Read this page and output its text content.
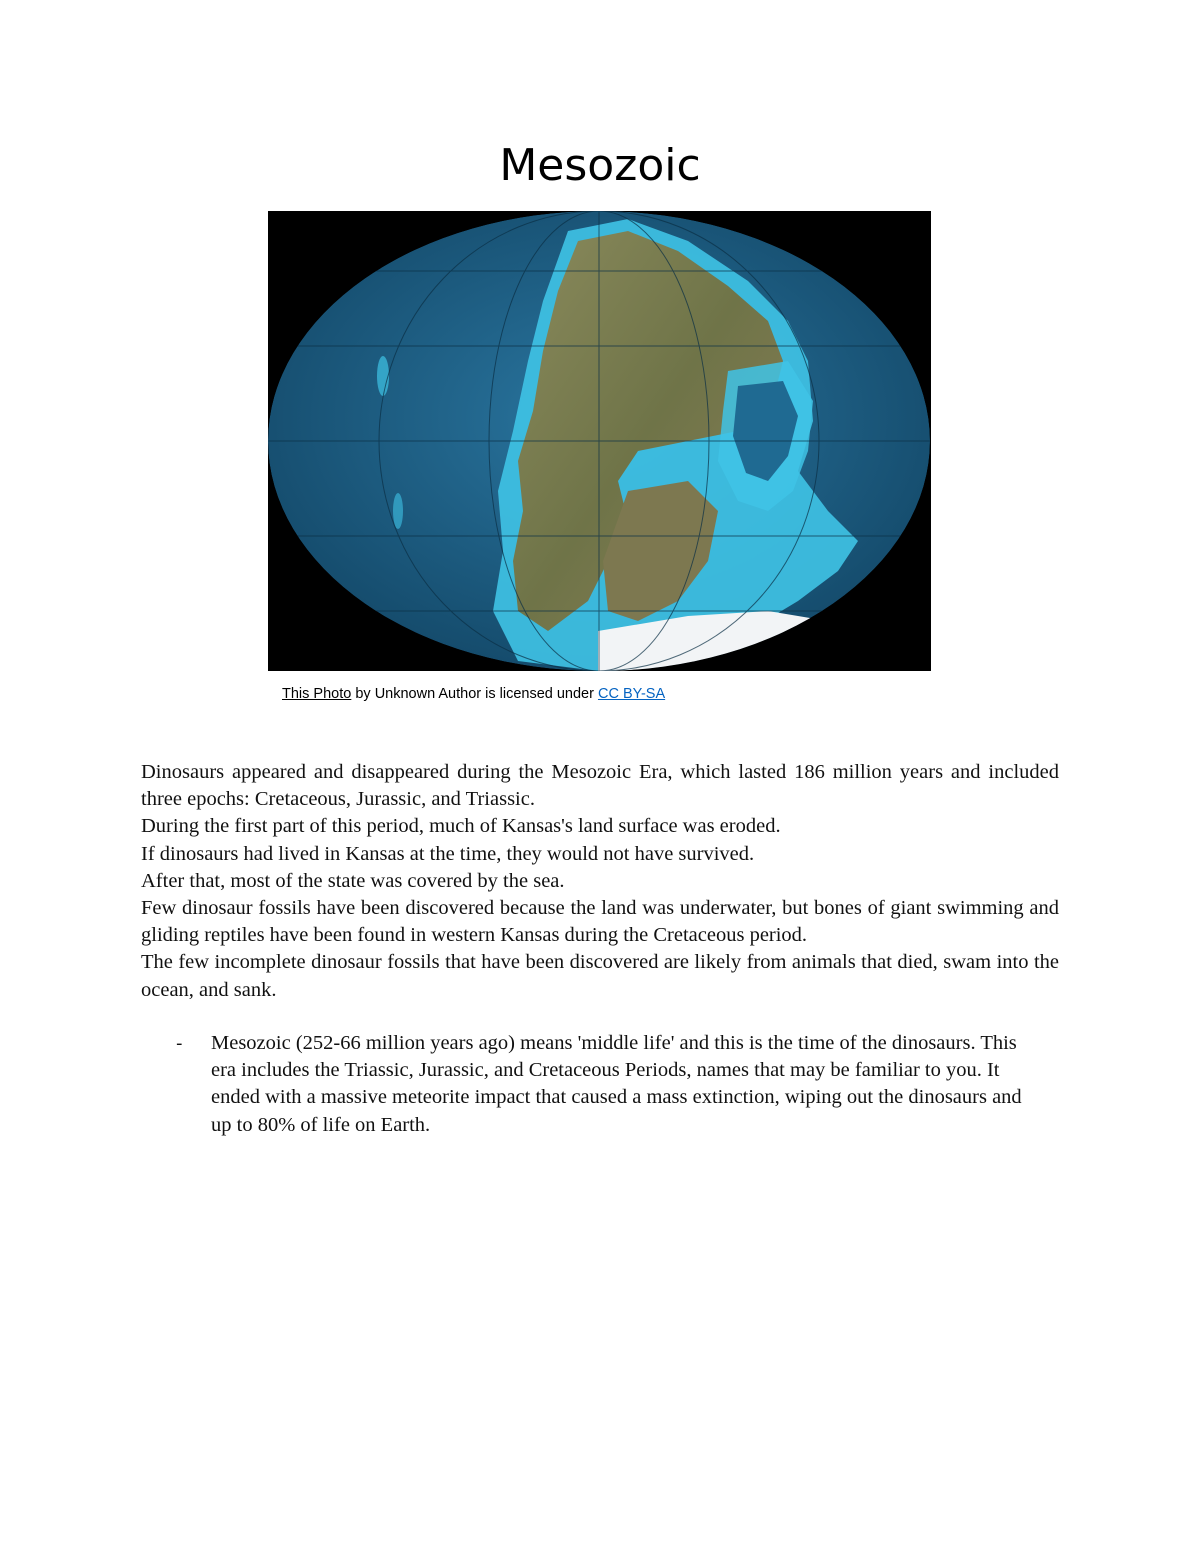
Mesozoic
This Photo by Unknown Author is licensed under CC BY-SA

Dinosaurs appeared and disappeared during the Mesozoic Era, which lasted 186 million years and included three epochs: Cretaceous, Jurassic, and Triassic.

During the first part of this period, much of Kansas's land surface was eroded.

If dinosaurs had lived in Kansas at the time, they would not have survived.

After that, most of the state was covered by the sea.

Few dinosaur fossils have been discovered because the land was underwater, but bones of giant swimming and gliding reptiles have been found in western Kansas during the Cretaceous period.

The few incomplete dinosaur fossils that have been discovered are likely from animals that died, swam into the ocean, and sank.

- Mesozoic (252-66 million years ago) means 'middle life' and this is the time of the dinosaurs. This era includes the Triassic, Jurassic, and Cretaceous Periods, names that may be familiar to you. It ended with a massive meteorite impact that caused a mass extinction, wiping out the dinosaurs and up to 80% of life on Earth.
